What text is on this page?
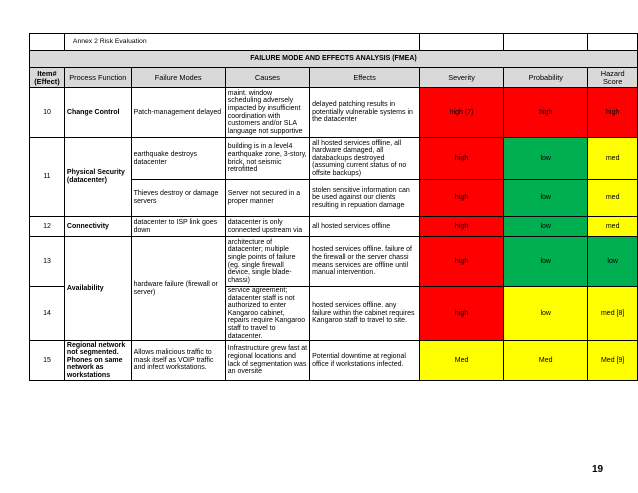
	Annex 2 Risk Evaluation						
FAILURE MODE AND EFFECTS ANALYSIS (FMEA)							
Item# (Effect)	Process Function	Failure Modes	Causes	Effects	Severity	Probability	Hazard Score
10	Change Control	Patch-management delayed	maint. window scheduling adversely impacted by insufficient coordination with customers and/or SLA language not supportive	delayed patching results in potentially vulnerable systems in the datacenter	high (7)	high	high
11	Physical Security (datacenter)	earthquake destroys datacenter	building is in a level4 earthquake zone, 3-story, brick, not seismic retrofitted	all hosted services offline, all hardware damaged, all databackups destroyed (assuming current status of no offsite backups)	high	low	med
		Thieves destroy or damage servers	Server not secured in a proper manner	stolen sensitive information can be used against our clients resulting in repuation damage	high	low	med
12	Connectivity	datacenter to ISP link goes down	datacenter is only connected upstream via	all hosted services offline	high	low	med
13	Availability	hardware failure (firewall or server)	architecture of datacenter; multiple single points of failure (eg. single firewall device, single blade-chassi)	hosted services offline. failure of the firewall or the server chassi means services are offline until manual intervention.	high	low	low
14			service agreement; datacenter staff is not authorized to enter Kangaroo cabinet, repairs require Kangaroo staff to travel to datacenter.	hosted services offline. any failure within the cabinet requires Kangaroo staff to travel to site.	high	low	med [8]
15	Regional network not segmented. Phones on same network as workstations	Allows malicious traffic to mask itself as VOIP traffic and infect workstations.	Infrastructure grew fast at regional locations and lack of segmentation was an oversite	Potential downtime at regional office if workstations infected.	Med	Med	Med [9]
19
